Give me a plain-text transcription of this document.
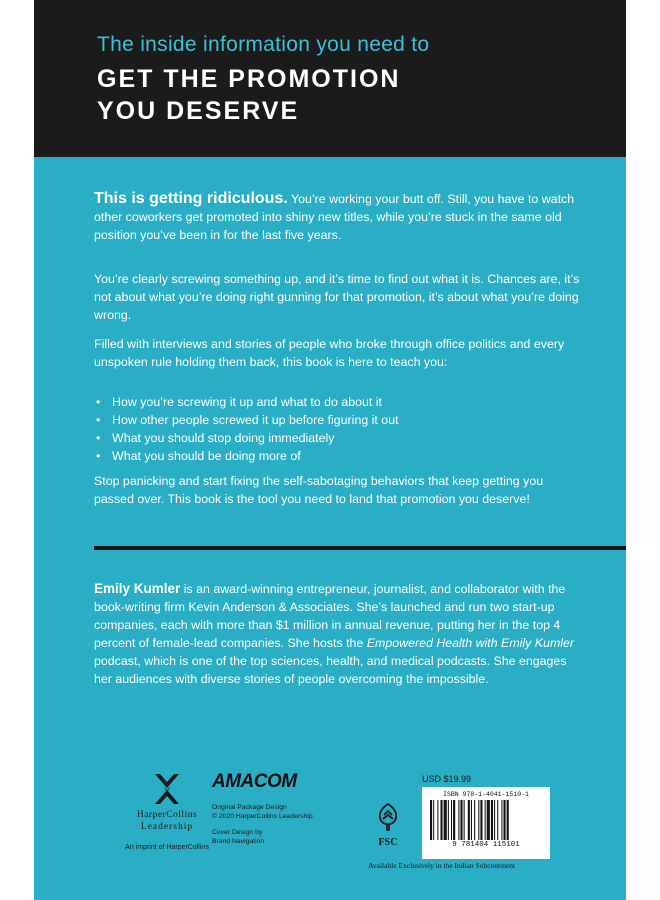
The inside information you need to
GET THE PROMOTION
YOU DESERVE
This is getting ridiculous. You’re working your butt off. Still, you have to watch other coworkers get promoted into shiny new titles, while you’re stuck in the same old position you’ve been in for the last five years.
You’re clearly screwing something up, and it’s time to find out what it is. Chances are, it’s not about what you’re doing right gunning for that promotion, it’s about what you’re doing wrong.
Filled with interviews and stories of people who broke through office politics and every unspoken rule holding them back, this book is here to teach you:
• How you’re screwing it up and what to do about it
• How other people screwed it up before figuring it out
• What you should stop doing immediately
• What you should be doing more of
Stop panicking and start fixing the self-sabotaging behaviors that keep getting you passed over. This book is the tool you need to land that promotion you deserve!
Emily Kumler is an award-winning entrepreneur, journalist, and collaborator with the book-writing firm Kevin Anderson & Associates. She’s launched and run two start-up companies, each with more than $1 million in annual revenue, putting her in the top 4 percent of female-lead companies. She hosts the Empowered Health with Emily Kumler podcast, which is one of the top sciences, health, and medical podcasts. She engages her audiences with diverse stories of people overcoming the impossible.
HarperCollins
Leadership
An imprint of HarperCollins
AMACOM
Original Package Design
© 2020 HarperCollins Leadership
Cover Design by
Brand Navigation	FSC
USD $19.99
ISBN 978-1-4041-1510-1
9 781404 115101
Available Exclusively in the Indian Subcontinent
